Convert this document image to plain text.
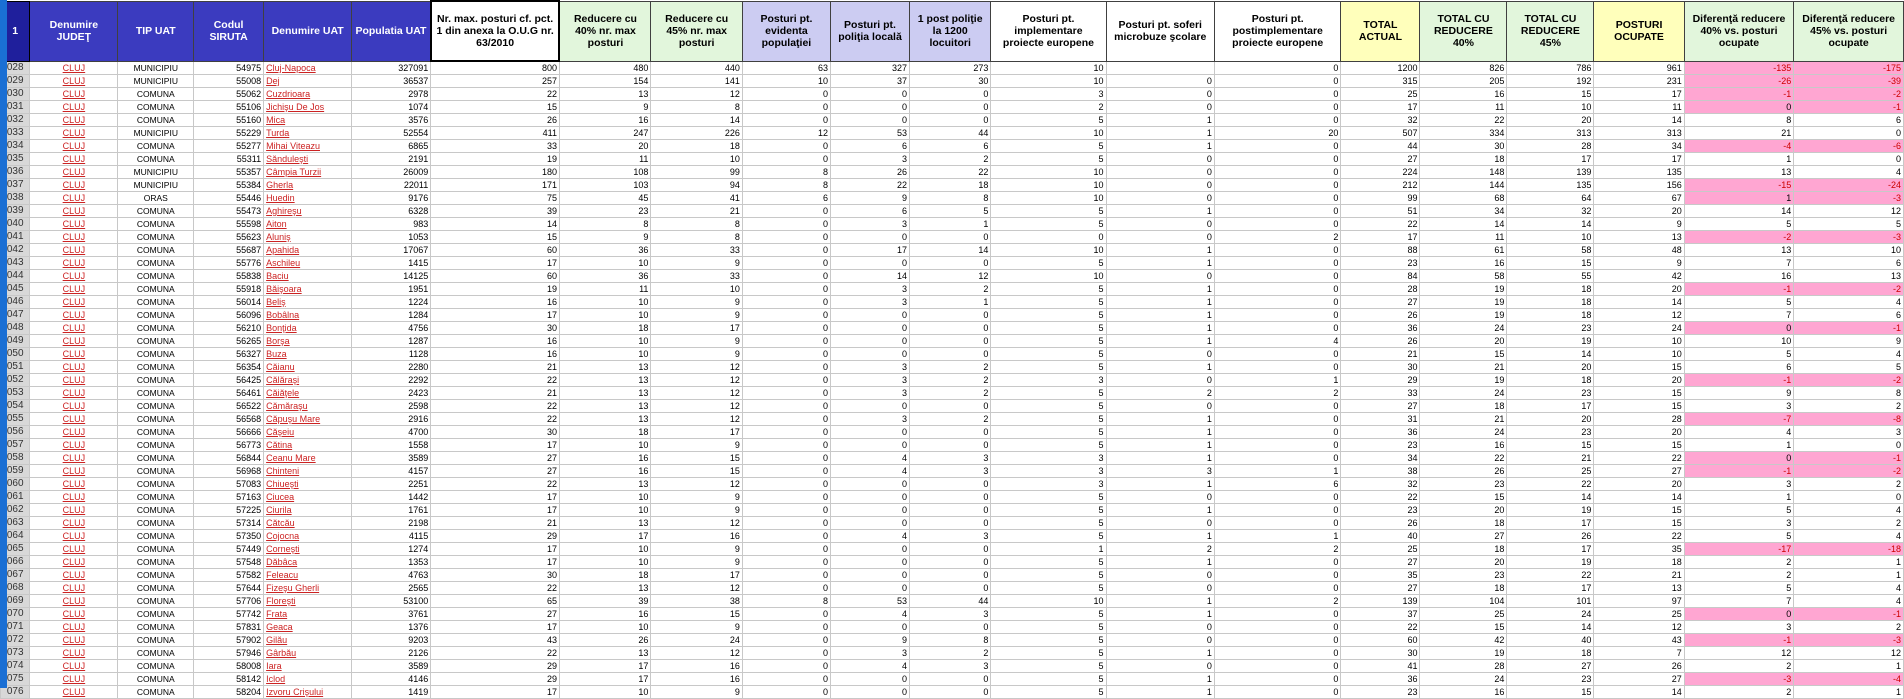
1	Denumire JUDEŢ	TIP UAT	Codul SIRUTA	Denumire UAT	Populatia UAT	Nr. max. posturi cf. pct. 1 din anexa la O.U.G nr. 63/2010	Reducere cu 40% nr. max posturi	Reducere cu 45% nr. max posturi	Posturi pt. evidenta populaţiei	Posturi pt. poliţia locală	1 post poliţie la 1200 locuitori	Posturi pt. implementare proiecte europene	Posturi pt. soferi microbuze şcolare	Posturi pt. postimplementare proiecte europene	TOTAL ACTUAL	TOTAL CU REDUCERE 40%	TOTAL CU REDUCERE 45%	POSTURI OCUPATE	Diferenţă reducere 40% vs. posturi ocupate	Diferenţă reducere 45% vs. posturi ocupate
028	CLUJ	MUNICIPIU	54975	Cluj-Napoca	327091	800	480	440	63	327	273	10		0	1200	826	786	961	-135	-175
029	CLUJ	MUNICIPIU	55008	Dej	36537	257	154	141	10	37	30	10	0	0	315	205	192	231	-26	-39
030	CLUJ	COMUNA	55062	Cuzdrioara	2978	22	13	12	0	0	0	3	0	0	25	16	15	17	-1	-2
031	CLUJ	COMUNA	55106	Jichişu De Jos	1074	15	9	8	0	0	0	2	0	0	17	11	10	11	0	-1
032	CLUJ	COMUNA	55160	Mica	3576	26	16	14	0	0	0	5	1	0	32	22	20	14	8	6
033	CLUJ	MUNICIPIU	55229	Turda	52554	411	247	226	12	53	44	10	1	20	507	334	313	313	21	0
034	CLUJ	COMUNA	55277	Mihai Viteazu	6865	33	20	18	0	6	6	5	1	0	44	30	28	34	-4	-6
035	CLUJ	COMUNA	55311	Sănduleşti	2191	19	11	10	0	3	2	5	0	0	27	18	17	17	1	0
036	CLUJ	MUNICIPIU	55357	Câmpia Turzii	26009	180	108	99	8	26	22	10	0	0	224	148	139	135	13	4
037	CLUJ	MUNICIPIU	55384	Gherla	22011	171	103	94	8	22	18	10	0	0	212	144	135	156	-15	-24
038	CLUJ	ORAS	55446	Huedin	9176	75	45	41	6	9	8	10	0	0	99	68	64	67	1	-3
039	CLUJ	COMUNA	55473	Aghireşu	6328	39	23	21	0	6	5	5	1	0	51	34	32	20	14	12
040	CLUJ	COMUNA	55598	Aiton	983	14	8	8	0	3	1	5	0	0	22	14	14	9	5	5
041	CLUJ	COMUNA	55623	Aluniş	1053	15	9	8	0	0	0	0	0	2	17	11	10	13	-2	-3
042	CLUJ	COMUNA	55687	Apahida	17067	60	36	33	0	17	14	10	1	0	88	61	58	48	13	10
043	CLUJ	COMUNA	55776	Aschileu	1415	17	10	9	0	0	0	5	1	0	23	16	15	9	7	6
044	CLUJ	COMUNA	55838	Baciu	14125	60	36	33	0	14	12	10	0	0	84	58	55	42	16	13
045	CLUJ	COMUNA	55918	Băişoara	1951	19	11	10	0	3	2	5	1	0	28	19	18	20	-1	-2
046	CLUJ	COMUNA	56014	Beliş	1224	16	10	9	0	3	1	5	1	0	27	19	18	14	5	4
047	CLUJ	COMUNA	56096	Bobâlna	1284	17	10	9	0	0	0	5	1	0	26	19	18	12	7	6
048	CLUJ	COMUNA	56210	Bonţida	4756	30	18	17	0	0	0	5	1	0	36	24	23	24	0	-1
049	CLUJ	COMUNA	56265	Borşa	1287	16	10	9	0	0	0	5	1	4	26	20	19	10	10	9
050	CLUJ	COMUNA	56327	Buza	1128	16	10	9	0	0	0	5	0	0	21	15	14	10	5	4
051	CLUJ	COMUNA	56354	Căianu	2280	21	13	12	0	3	2	5	1	0	30	21	20	15	6	5
052	CLUJ	COMUNA	56425	Călăraşi	2292	22	13	12	0	3	2	3	0	1	29	19	18	20	-1	-2
053	CLUJ	COMUNA	56461	Căiăţele	2423	21	13	12	0	3	2	5	2	2	33	24	23	15	9	8
054	CLUJ	COMUNA	56522	Cămăraşu	2598	22	13	12	0	0	0	5	0	0	27	18	17	15	3	2
055	CLUJ	COMUNA	56568	Căpuşu Mare	2916	22	13	12	0	3	2	5	1	0	31	21	20	28	-7	-8
056	CLUJ	COMUNA	56666	Căşeiu	4700	30	18	17	0	0	0	5	1	0	36	24	23	20	4	3
057	CLUJ	COMUNA	56773	Cătina	1558	17	10	9	0	0	0	5	1	0	23	16	15	15	1	0
058	CLUJ	COMUNA	56844	Ceanu Mare	3589	27	16	15	0	4	3	3	1	0	34	22	21	22	0	-1
059	CLUJ	COMUNA	56968	Chinteni	4157	27	16	15	0	4	3	3	3	1	38	26	25	27	-1	-2
060	CLUJ	COMUNA	57083	Chiueşti	2251	22	13	12	0	0	0	3	1	6	32	23	22	20	3	2
061	CLUJ	COMUNA	57163	Ciucea	1442	17	10	9	0	0	0	5	0	0	22	15	14	14	1	0
062	CLUJ	COMUNA	57225	Ciurila	1761	17	10	9	0	0	0	5	1	0	23	20	19	15	5	4
063	CLUJ	COMUNA	57314	Cătcău	2198	21	13	12	0	0	0	5	0	0	26	18	17	15	3	2
064	CLUJ	COMUNA	57350	Cojocna	4115	29	17	16	0	4	3	5	1	1	40	27	26	22	5	4
065	CLUJ	COMUNA	57449	Corneşti	1274	17	10	9	0	0	0	1	2	2	25	18	17	35	-17	-18
066	CLUJ	COMUNA	57548	Dăbâca	1353	17	10	9	0	0	0	5	1	0	27	20	19	18	2	1
067	CLUJ	COMUNA	57582	Feleacu	4763	30	18	17	0	0	0	5	0	0	35	23	22	21	2	1
068	CLUJ	COMUNA	57644	Fizeşu Gherli	2565	22	13	12	0	0	0	5	0	0	27	18	17	13	5	4
069	CLUJ	COMUNA	57706	Floreşti	53100	65	39	38	8	53	44	10	1	2	139	104	101	97	7	4
070	CLUJ	COMUNA	57742	Frata	3761	27	16	15	0	4	3	5	1	0	37	25	24	25	0	-1
071	CLUJ	COMUNA	57831	Geaca	1376	17	10	9	0	0	0	5	0	0	22	15	14	12	3	2
072	CLUJ	COMUNA	57902	Gilău	9203	43	26	24	0	9	8	5	0	0	60	42	40	43	-1	-3
073	CLUJ	COMUNA	57946	Gârbău	2126	22	13	12	0	3	2	5	1	0	30	19	18	7	12	12
074	CLUJ	COMUNA	58008	Iara	3589	29	17	16	0	4	3	5	0	0	41	28	27	26	2	1
075	CLUJ	COMUNA	58142	Iclod	4146	29	17	16	0	0	0	5	1	0	36	24	23	27	-3	-4
076	CLUJ	COMUNA	58204	Izvoru Crişului	1419	17	10	9	0	0	0	5	1	0	23	16	15	14	2	1
